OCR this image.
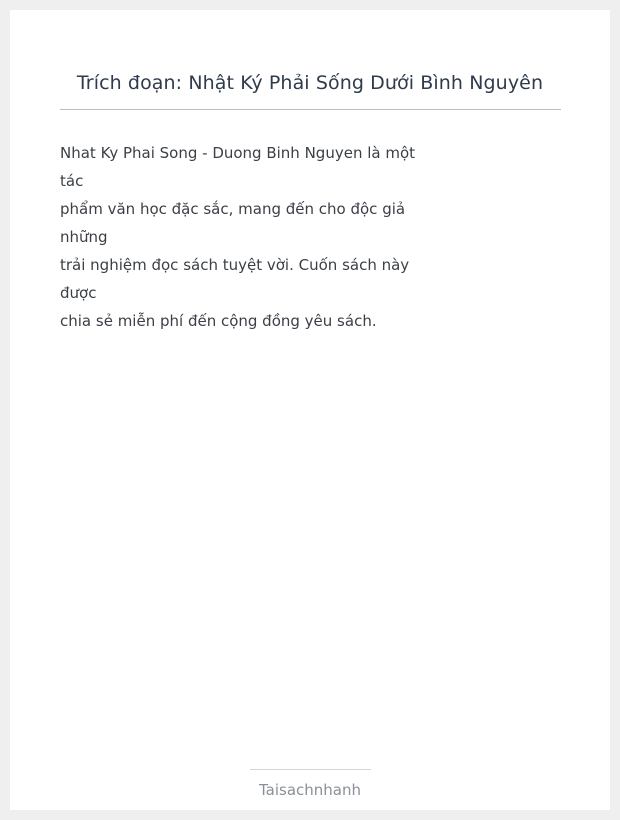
Trích đoạn: Nhật Ký Phải Sống Dưới Bình Nguyên
Nhat Ky Phai Song - Duong Binh Nguyen là một
tác
phẩm văn học đặc sắc, mang đến cho độc giả
những
trải nghiệm đọc sách tuyệt vời. Cuốn sách này
được
chia sẻ miễn phí đến cộng đồng yêu sách.
Taisachnhanh
